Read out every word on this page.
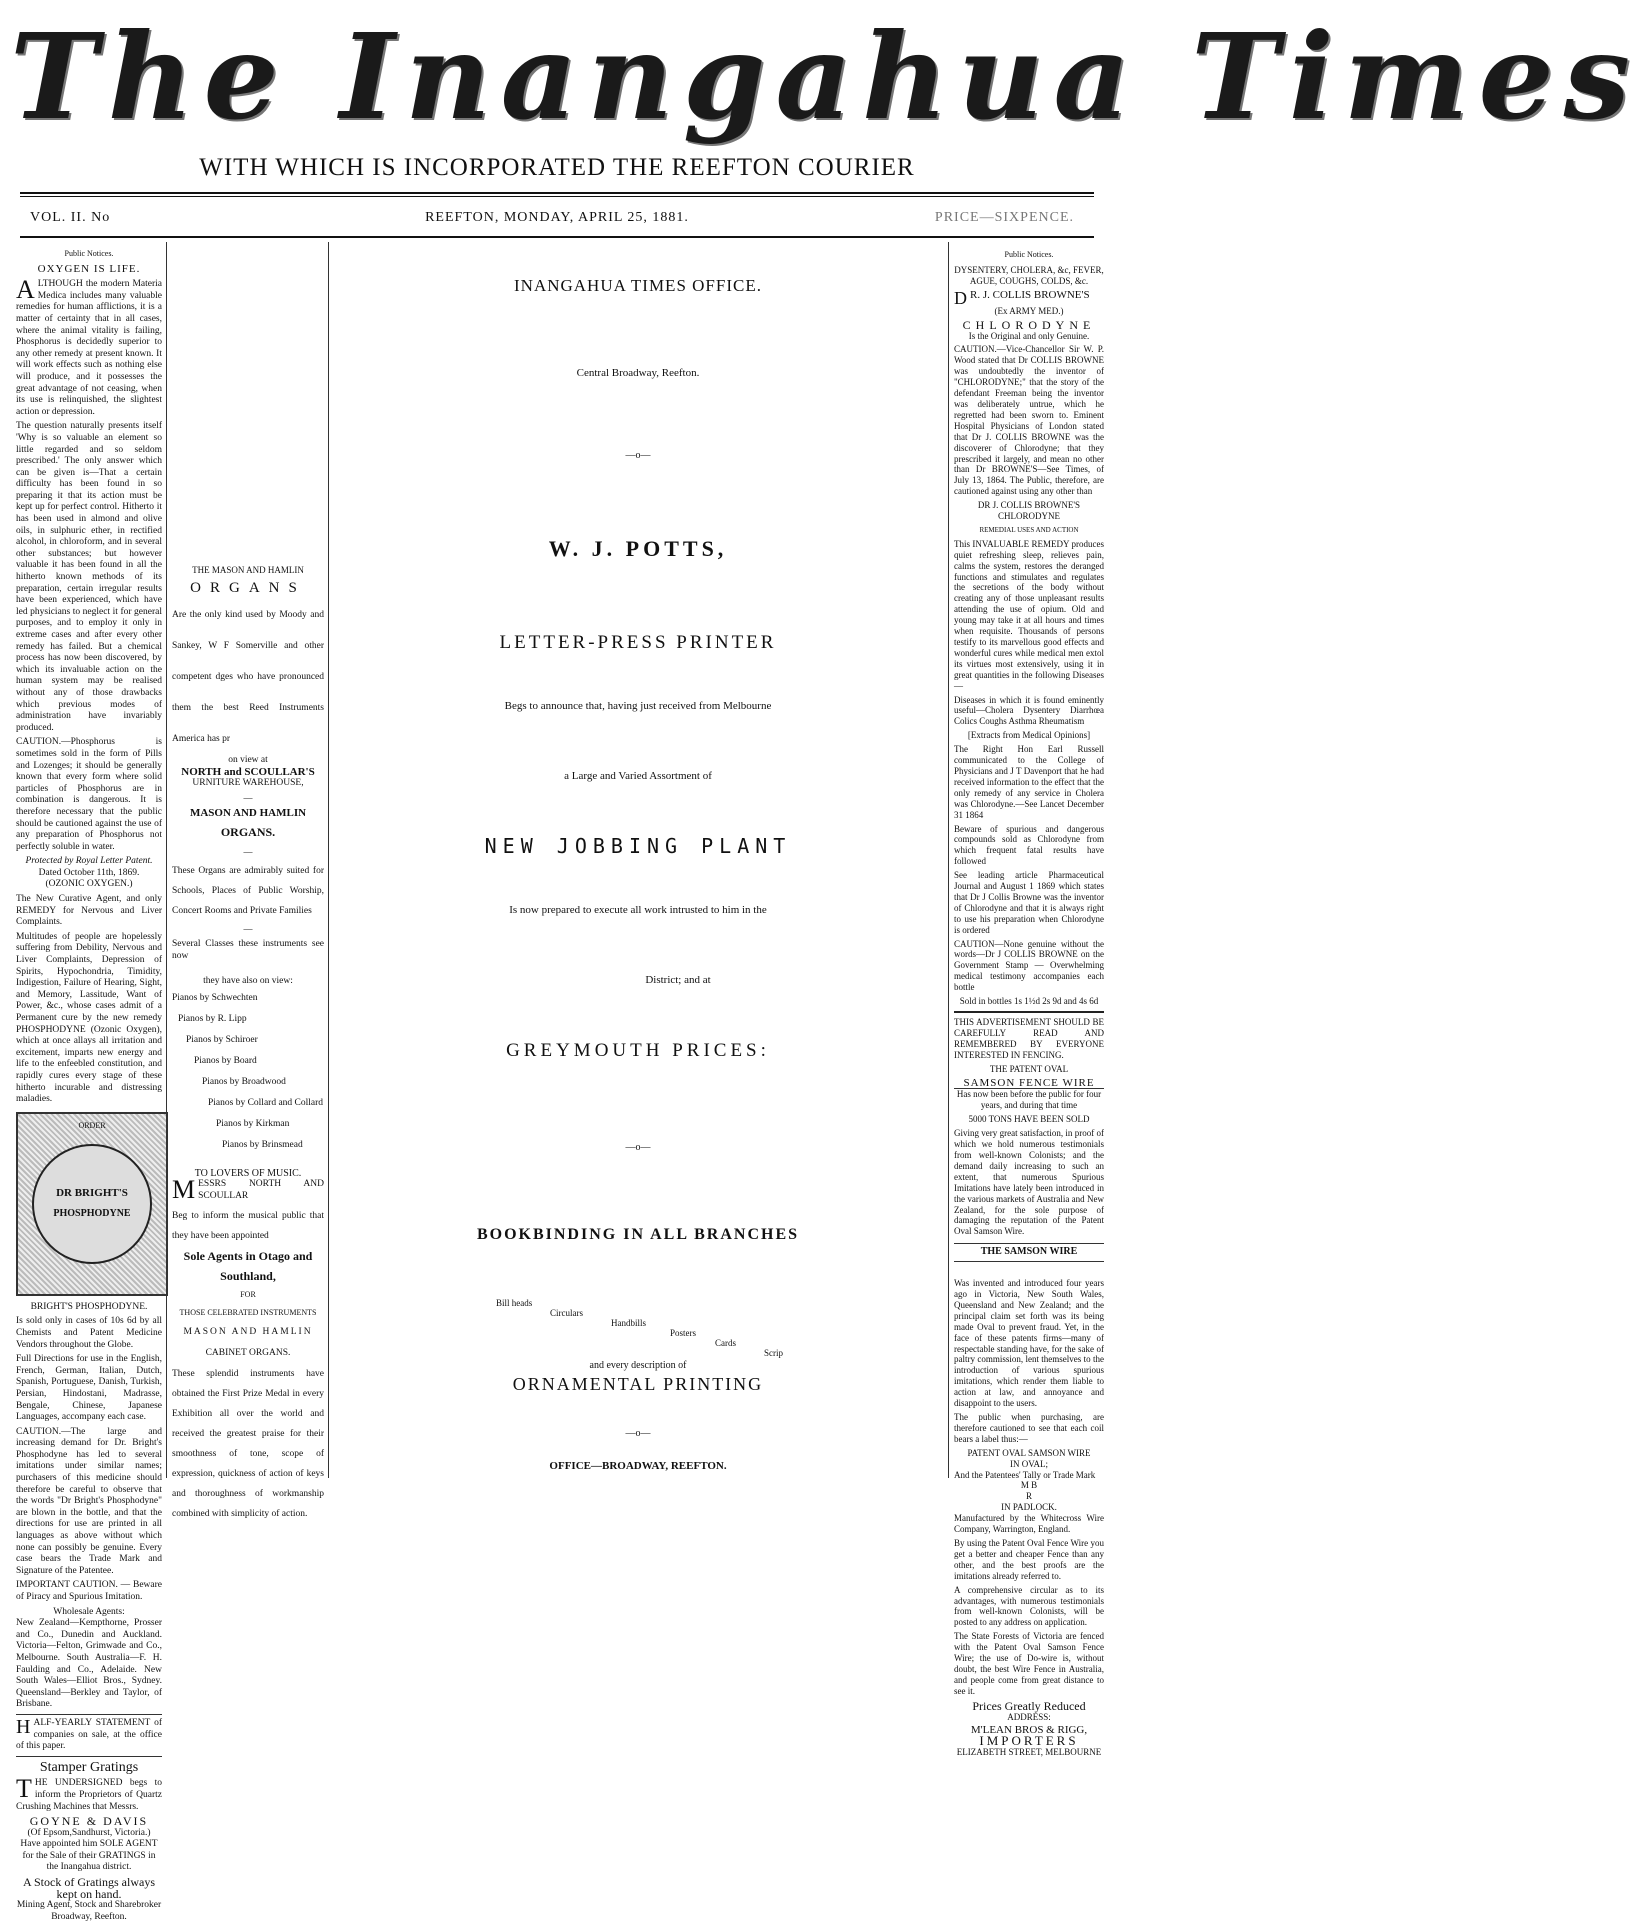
The Inangahua Times
WITH WHICH IS INCORPORATED THE REEFTON COURIER
VOL. II. No	REEFTON, MONDAY, APRIL 25, 1881.	PRICE—SIXPENCE.
Public Notices.
OXYGEN IS LIFE.

ALTHOUGH the modern Materia Medica includes many valuable remedies for human afflictions, it is a matter of certainty that in all cases, where the animal vitality is failing, Phosphorus is decidedly superior to any other remedy at present known. It will work effects such as nothing else will produce, and it possesses the great advantage of not ceasing, when its use is relinquished, the slightest action or depression.

The question naturally presents itself 'Why is so valuable an element so little regarded and so seldom prescribed.' The only answer which can be given is—That a certain difficulty has been found in so preparing it that its action must be kept up for perfect control. Hitherto it has been used in almond and olive oils, in sulphuric ether, in rectified alcohol, in chloroform, and in several other substances; but however valuable it has been found in all the hitherto known methods of its preparation, certain irregular results have been experienced, which have led physicians to neglect it for general purposes, and to employ it only in extreme cases and after every other remedy has failed. But a chemical process has now been discovered, by which its invaluable action on the human system may be realised without any of those drawbacks which previous modes of administration have invariably produced.

CAUTION.—Phosphorus is sometimes sold in the form of Pills and Lozenges; it should be generally known that every form where solid particles of Phosphorus are in combination is dangerous. It is therefore necessary that the public should be cautioned against the use of any preparation of Phosphorus not perfectly soluble in water.

Protected by Royal Letter Patent.

Dated October 11th, 1869.

(OZONIC OXYGEN.)

The New Curative Agent, and only REMEDY for Nervous and Liver Complaints.

Multitudes of people are hopelessly suffering from Debility, Nervous and Liver Complaints, Depression of Spirits, Hypochondria, Timidity, Indigestion, Failure of Hearing, Sight, and Memory, Lassitude, Want of Power, &c., whose cases admit of a Permanent cure by the new remedy PHOSPHODYNE (Ozonic Oxygen), which at once allays all irritation and excitement, imparts new energy and life to the enfeebled constitution, and rapidly cures every stage of these hitherto incurable and distressing maladies.

ORDER
DR BRIGHT'S
PHOSPHODYNE

BRIGHT'S PHOSPHODYNE.

Is sold only in cases of 10s 6d by all Chemists and Patent Medicine Vendors throughout the Globe.

Full Directions for use in the English, French, German, Italian, Dutch, Spanish, Portuguese, Danish, Turkish, Persian, Hindostani, Madrasse, Bengale, Chinese, Japanese Languages, accompany each case.

CAUTION.—The large and increasing demand for Dr. Bright's Phosphodyne has led to several imitations under similar names; purchasers of this medicine should therefore be careful to observe that the words "Dr Bright's Phosphodyne" are blown in the bottle, and that the directions for use are printed in all languages as above without which none can possibly be genuine. Every case bears the Trade Mark and Signature of the Patentee.

IMPORTANT CAUTION. — Beware of Piracy and Spurious Imitation.

Wholesale Agents:

New Zealand—Kempthorne, Prosser and Co., Dunedin and Auckland. Victoria—Felton, Grimwade and Co., Melbourne. South Australia—F. H. Faulding and Co., Adelaide. New South Wales—Elliot Bros., Sydney. Queensland—Berkley and Taylor, of Brisbane.

HALF-YEARLY STATEMENT of companies on sale, at the office of this paper.

Stamper Gratings

THE UNDERSIGNED begs to inform the Proprietors of Quartz Crushing Machines that Messrs.

GOYNE & DAVIS
(Of Epsom,Sandhurst, Victoria.)

Have appointed him SOLE AGENT for the Sale of their GRATINGS in the Inangahua district.

A Stock of Gratings always kept on hand.

Mining Agent, Stock and Sharebroker Broadway, Reefton.

THE MASON AND HAMLIN
ORGANS
Are the only kind used by Moody and Sankey, W F Somerville and other competent dges who have pronounced them the best Reed Instruments America has pr
on view at
NORTH and SCOULLAR'S
URNITURE WAREHOUSE,
—
MASON AND HAMLIN
ORGANS.
—
These Organs are admirably suited for Schools, Places of Public Worship, Concert Rooms and Private Families
—
Several Classes these instruments see now
they have also on view:
Pianos by Schwechten
Pianos by R. Lipp
Pianos by Schiroer
Pianos by Board
Pianos by Broadwood
Pianos by Collard and Collard
Pianos by Kirkman
Pianos by Brinsmead
TO LOVERS OF MUSIC.

MESSRS NORTH AND SCOULLAR

Beg to inform the musical public that they have been appointed
Sole Agents in Otago and Southland,
FOR
THOSE CELEBRATED INSTRUMENTS
MASON AND HAMLIN
CABINET ORGANS.
These splendid instruments have obtained the First Prize Medal in every Exhibition all over the world and received the greatest praise for their smoothness of tone, scope of expression, quickness of action of keys and thoroughness of workmanship combined with simplicity of action.
INANGAHUA TIMES OFFICE.
Central Broadway, Reefton.
—o—
W. J. POTTS,
LETTER-PRESS PRINTER
Begs to announce that, having just received from Melbourne
a Large and Varied Assortment of
NEW JOBBING PLANT
Is now prepared to execute all work intrusted to him in the
District; and at
GREYMOUTH PRICES:
—o—
BOOKBINDING IN ALL BRANCHES
Bill heads
Circulars
Handbills
Posters
Cards
Scrip
and every description of
ORNAMENTAL PRINTING
—o—
OFFICE—BROADWAY, REEFTON.
Public Notices.

DYSENTERY, CHOLERA, &c, FEVER, AGUE, COUGHS, COLDS, &c.

D R. J. COLLIS BROWNE'S

(Ex ARMY MED.)

CHLORODYNE

Is the Original and only Genuine.

CAUTION.—Vice-Chancellor Sir W. P. Wood stated that Dr COLLIS BROWNE was undoubtedly the inventor of "CHLORODYNE;" that the story of the defendant Freeman being the inventor was deliberately untrue, which he regretted had been sworn to. Eminent Hospital Physicians of London stated that Dr J. COLLIS BROWNE was the discoverer of Chlorodyne; that they prescribed it largely, and mean no other than Dr BROWNE'S—See Times, of July 13, 1864. The Public, therefore, are cautioned against using any other than

DR J. COLLIS BROWNE'S CHLORODYNE

REMEDIAL USES AND ACTION

This INVALUABLE REMEDY produces quiet refreshing sleep, relieves pain, calms the system, restores the deranged functions and stimulates and regulates the secretions of the body without creating any of those unpleasant results attending the use of opium. Old and young may take it at all hours and times when requisite. Thousands of persons testify to its marvellous good effects and wonderful cures while medical men extol its virtues most extensively, using it in great quantities in the following Diseases—

Diseases in which it is found eminently useful—Cholera Dysentery Diarrhœa Colics Coughs Asthma Rheumatism

[Extracts from Medical Opinions]

The Right Hon Earl Russell communicated to the College of Physicians and J T Davenport that he had received information to the effect that the only remedy of any service in Cholera was Chlorodyne.—See Lancet December 31 1864

Beware of spurious and dangerous compounds sold as Chlorodyne from which frequent fatal results have followed

See leading article Pharmaceutical Journal and August 1 1869 which states that Dr J Collis Browne was the inventor of Chlorodyne and that it is always right to use his preparation when Chlorodyne is ordered

CAUTION—None genuine without the words—Dr J COLLIS BROWNE on the Government Stamp — Overwhelming medical testimony accompanies each bottle

Sold in bottles 1s 1½d 2s 9d and 4s 6d

THIS ADVERTISEMENT SHOULD BE CAREFULLY READ AND REMEMBERED BY EVERYONE INTERESTED IN FENCING.

THE PATENT OVAL

SAMSON FENCE WIRE

Has now been before the public for four years, and during that time

5000 TONS HAVE BEEN SOLD

Giving very great satisfaction, in proof of which we hold numerous testimonials from well-known Colonists; and the demand daily increasing to such an extent, that numerous Spurious Imitations have lately been introduced in the various markets of Australia and New Zealand, for the sole purpose of damaging the reputation of the Patent Oval Samson Wire.

THE SAMSON WIRE

Was invented and introduced four years ago in Victoria, New South Wales, Queensland and New Zealand; and the principal claim set forth was its being made Oval to prevent fraud. Yet, in the face of these patents firms—many of respectable standing have, for the sake of paltry commission, lent themselves to the introduction of various spurious imitations, which render them liable to action at law, and annoyance and disappoint to the users.

The public when purchasing, are therefore cautioned to see that each coil bears a label thus:—

PATENT OVAL SAMSON WIRE

IN OVAL;

And the Patentees' Tally or Trade Mark

M B

R

IN PADLOCK.

Manufactured by the Whitecross Wire Company, Warrington, England.

By using the Patent Oval Fence Wire you get a better and cheaper Fence than any other, and the best proofs are the imitations already referred to.

A comprehensive circular as to its advantages, with numerous testimonials from well-known Colonists, will be posted to any address on application.

The State Forests of Victoria are fenced with the Patent Oval Samson Fence Wire; the use of Do-wire is, without doubt, the best Wire Fence in Australia, and people come from great distance to see it.

Prices Greatly Reduced

ADDRESS:

M'LEAN BROS & RIGG,
IMPORTERS

ELIZABETH STREET, MELBOURNE
